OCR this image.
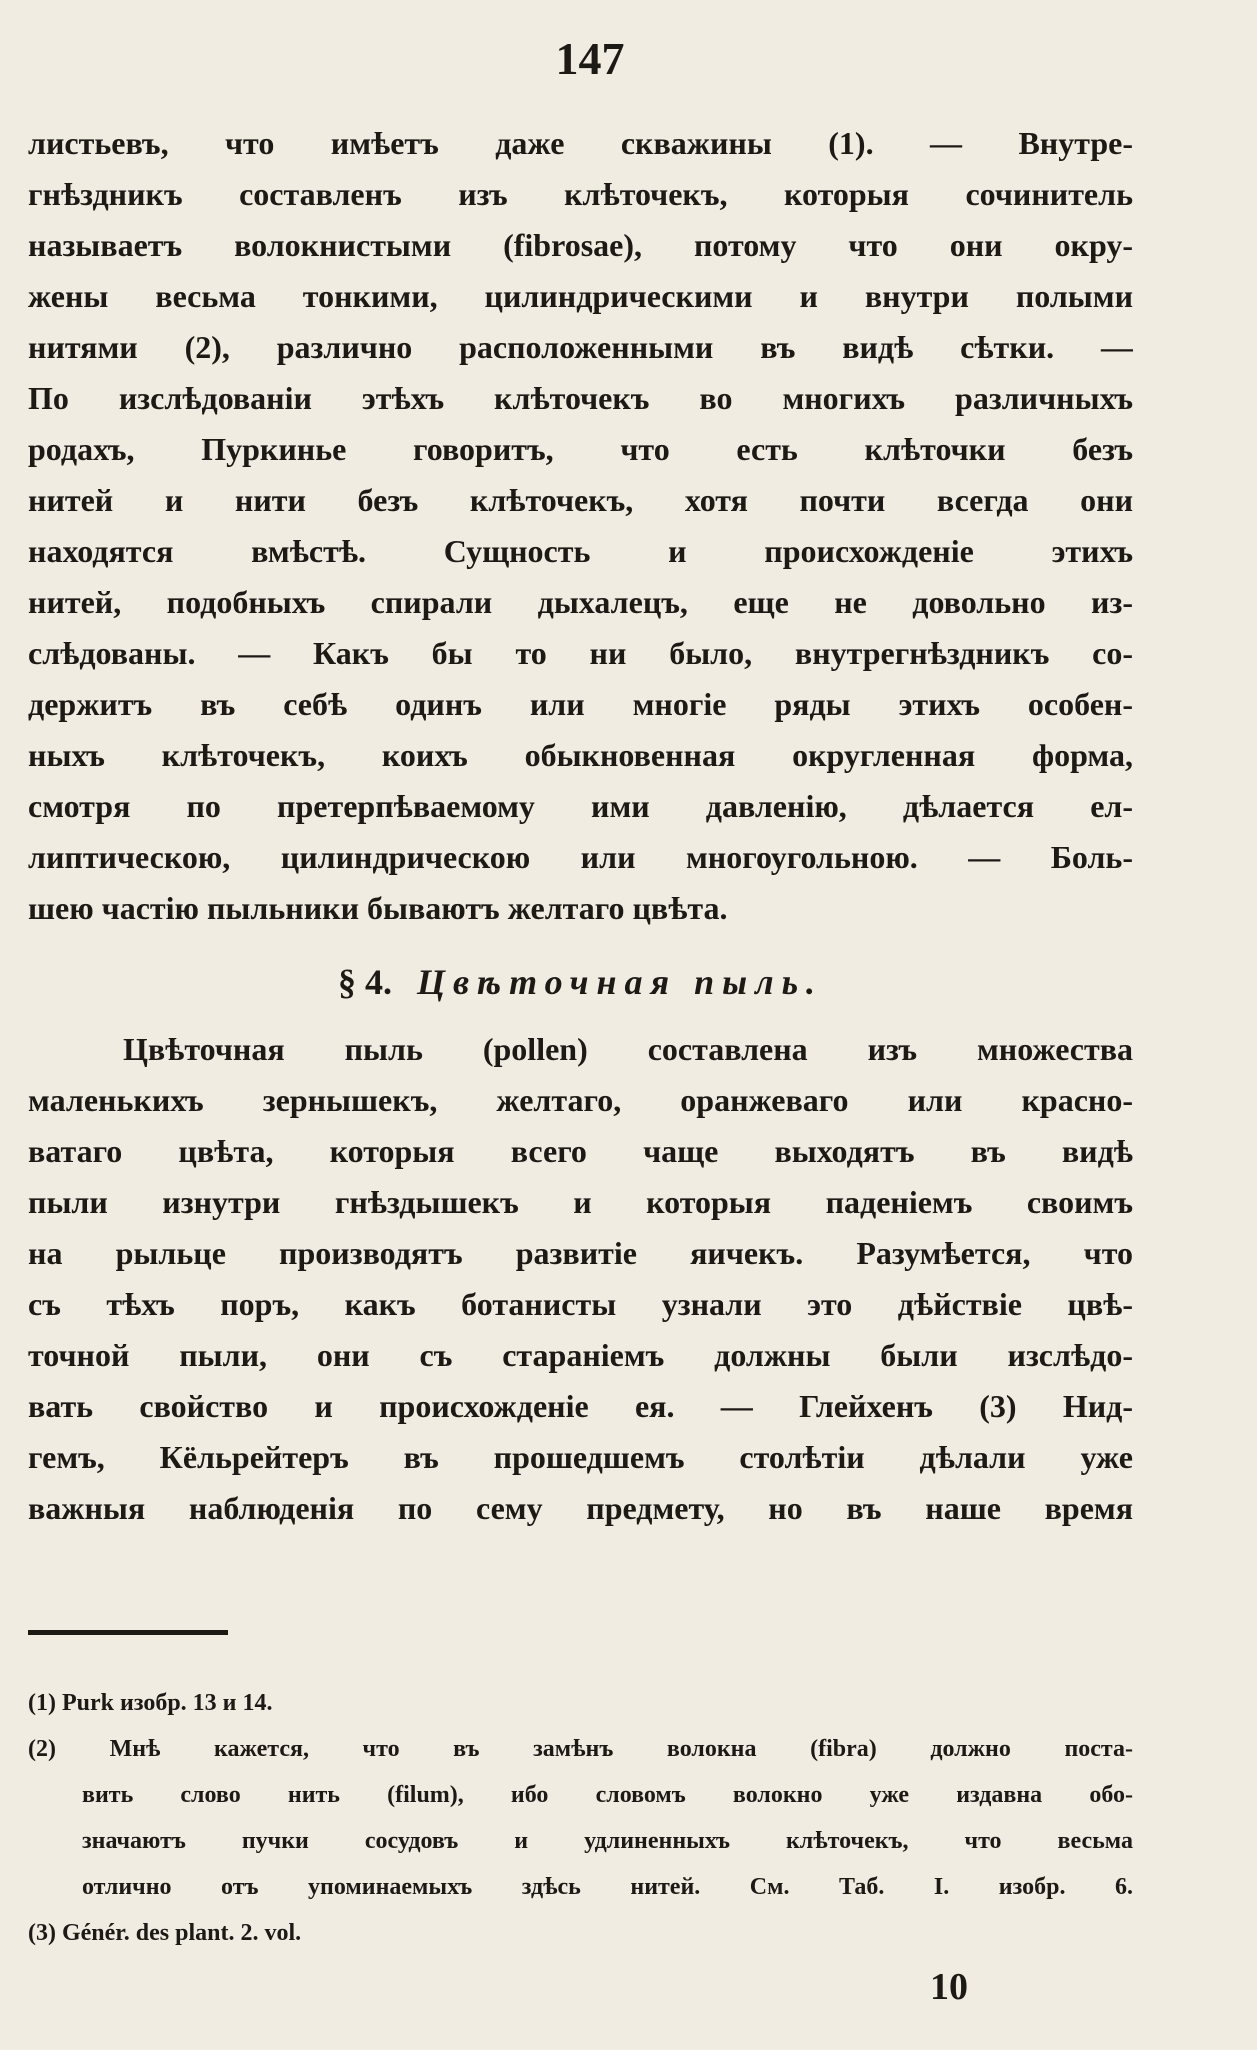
147
листьевъ, что имѣетъ даже скважины (1). — Внутре-
гнѣздникъ составленъ изъ клѣточекъ, которыя сочинитель
называетъ волокнистыми (fibrosae), потому что они окру-
жены весьма тонкими, цилиндрическими и внутри полыми
нитями (2), различно расположенными въ видѣ сѣтки. —
По изслѣдованіи этѣхъ клѣточекъ во многихъ различныхъ
родахъ, Пуркинье говоритъ, что есть клѣточки безъ
нитей и нити безъ клѣточекъ, хотя почти всегда они
находятся вмѣстѣ. Сущность и происхожденіе этихъ
нитей, подобныхъ спирали дыхалецъ, еще не довольно из-
слѣдованы. — Какъ бы то ни было, внутрегнѣздникъ со-
держитъ въ себѣ одинъ или многіе ряды этихъ особен-
ныхъ клѣточекъ, коихъ обыкновенная округленная форма,
смотря по претерпѣваемому ими давленію, дѣлается ел-
липтическою, цилиндрическою или многоугольною. — Боль-
шею частію пыльники бываютъ желтаго цвѣта.
§ 4. Цвѣточная пыль.
Цвѣточная пыль (pollen) составлена изъ множества
маленькихъ зернышекъ, желтаго, оранжеваго или красно-
ватаго цвѣта, которыя всего чаще выходятъ въ видѣ
пыли изнутри гнѣздышекъ и которыя паденіемъ своимъ
на рыльце производятъ развитіе яичекъ. Разумѣется, что
съ тѣхъ поръ, какъ ботанисты узнали это дѣйствіе цвѣ-
точной пыли, они съ стараніемъ должны были изслѣдо-
вать свойство и происхожденіе ея. — Глейхенъ (3) Нид-
гемъ, Кёльрейтеръ въ прошедшемъ столѣтіи дѣлали уже
важныя наблюденія по сему предмету, но въ наше время
(1) Purk изобр. 13 и 14.
(2) Мнѣ кажется, что въ замѣнъ волокна (fibra) должно поста-
вить слово нить (filum), ибо словомъ волокно уже издавна обо-
значаютъ пучки сосудовъ и удлиненныхъ клѣточекъ, что весьма
отлично отъ упоминаемыхъ здѣсь нитей. См. Таб. I. изобр. 6.
(3) Génér. des plant. 2. vol.
10
